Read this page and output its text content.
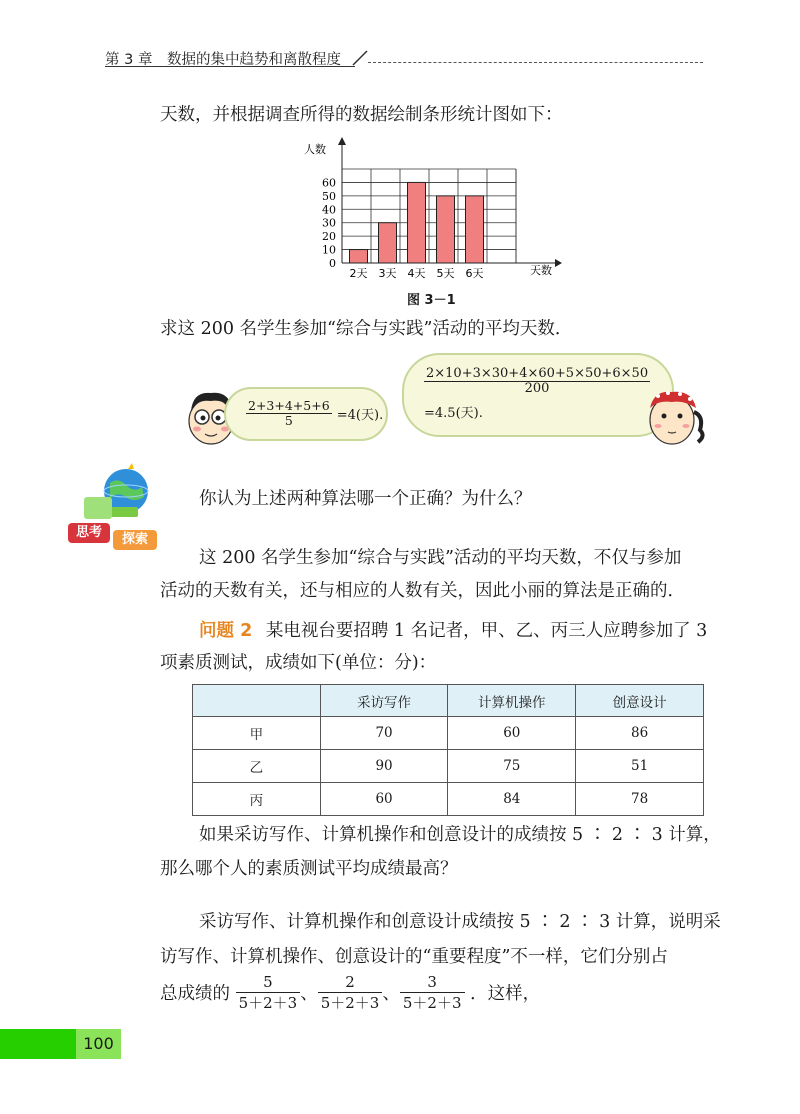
第 3 章　数据的集中趋势和离散程度
天数，并根据调查所得的数据绘制条形统计图如下：
0
10
20
30
40
50
60
2天 3天 4天 5天 6天
人数
天数
图 3－1
求这 200 名学生参加“综合与实践”活动的平均天数．
$\frac{2+3+4+5+6}{5} =4$(天).
$\frac{2\times 10+3\times 30+4\times 60+5\times 50+6\times 50}{200}$
=4.5(天).
思考	探索
你认为上述两种算法哪一个正确？为什么？
这 200 名学生参加“综合与实践”活动的平均天数，不仅与参加
活动的天数有关，还与相应的人数有关，因此小丽的算法是正确的．
问题 2 某电视台要招聘 1 名记者，甲、乙、丙三人应聘参加了 3
项素质测试，成绩如下(单位：分)：
	采访写作	计算机操作	创意设计
甲	70	60	86
乙	90	75	51
丙	60	84	78
如果采访写作、计算机操作和创意设计的成绩按 5 ∶ 2 ∶ 3 计算，
那么哪个人的素质测试平均成绩最高？
采访写作、计算机操作和创意设计成绩按 5 ∶ 2 ∶ 3 计算，说明采
访写作、计算机操作、创意设计的“重要程度”不一样，它们分别占
总成绩的 $\frac{5}{5+2+3}$ 、 $\frac{2}{5+2+3}$ 、 $\frac{3}{5+2+3}$ ．这样，
100
